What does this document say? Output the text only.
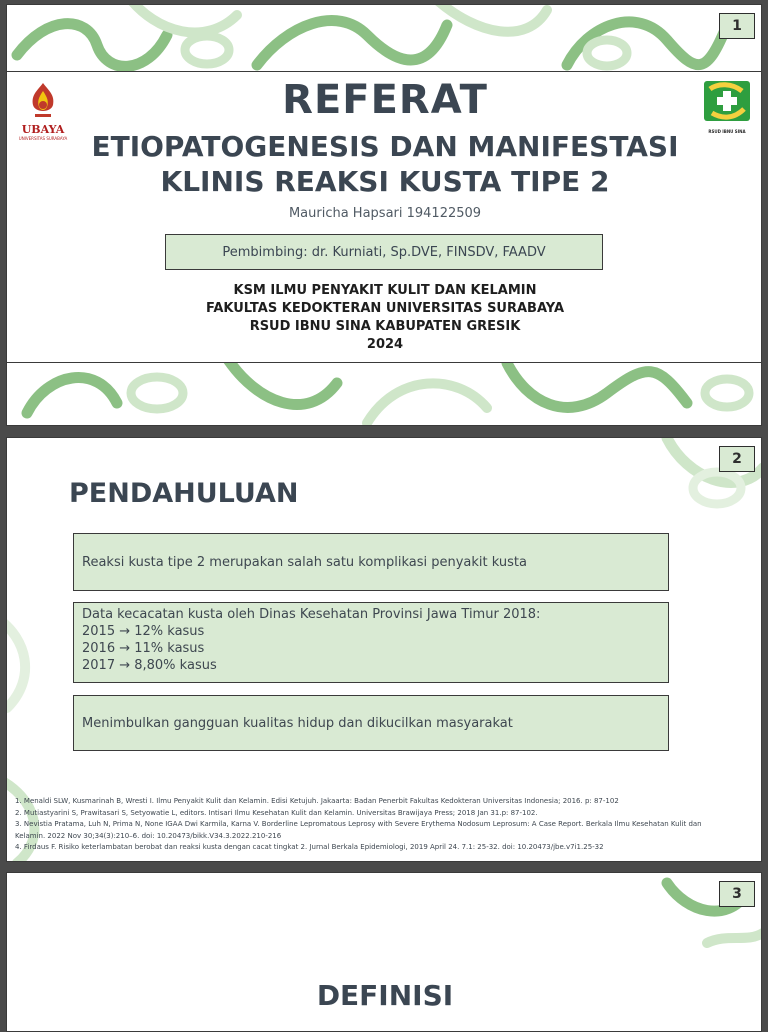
1
UBAYA
UNIVERSITAS SURABAYA
RSUD IBNU SINA
REFERAT
ETIOPATOGENESIS DAN MANIFESTASI
KLINIS REAKSI KUSTA TIPE 2
Mauricha Hapsari 194122509
Pembimbing: dr. Kurniati, Sp.DVE, FINSDV, FAADV
KSM ILMU PENYAKIT KULIT DAN KELAMIN
FAKULTAS KEDOKTERAN UNIVERSITAS SURABAYA
RSUD IBNU SINA KABUPATEN GRESIK
2024
2
PENDAHULUAN
Reaksi kusta tipe 2 merupakan salah satu komplikasi penyakit kusta
Data kecacatan kusta oleh Dinas Kesehatan Provinsi Jawa Timur 2018:
2015 → 12% kasus
2016 → 11% kasus
2017 → 8,80% kasus
Menimbulkan gangguan kualitas hidup dan dikucilkan masyarakat
1. Menaldi SLW, Kusmarinah B, Wresti I. Ilmu Penyakit Kulit dan Kelamin. Edisi Ketujuh. Jakaarta: Badan Penerbit Fakultas Kedokteran Universitas Indonesia; 2016. p: 87-102
2. Mutiastyarini S, Prawitasari S, Setyowatie L, editors. Intisari Ilmu Kesehatan Kulit dan Kelamin. Universitas Brawijaya Press; 2018 Jan 31.p: 87-102.
3. Nevistia Pratama, Luh N, Prima N, None IGAA Dwi Karmila, Karna V. Borderline Lepromatous Leprosy with Severe Erythema Nodosum Leprosum: A Case Report. Berkala Ilmu Kesehatan Kulit dan
Kelamin. 2022 Nov 30;34(3):210–6. doi: 10.20473/bikk.V34.3.2022.210-216
4. Firdaus F. Risiko keterlambatan berobat dan reaksi kusta dengan cacat tingkat 2. Jurnal Berkala Epidemiologi, 2019 April 24. 7.1: 25-32. doi: 10.20473/jbe.v7i1.25-32
3
DEFINISI
